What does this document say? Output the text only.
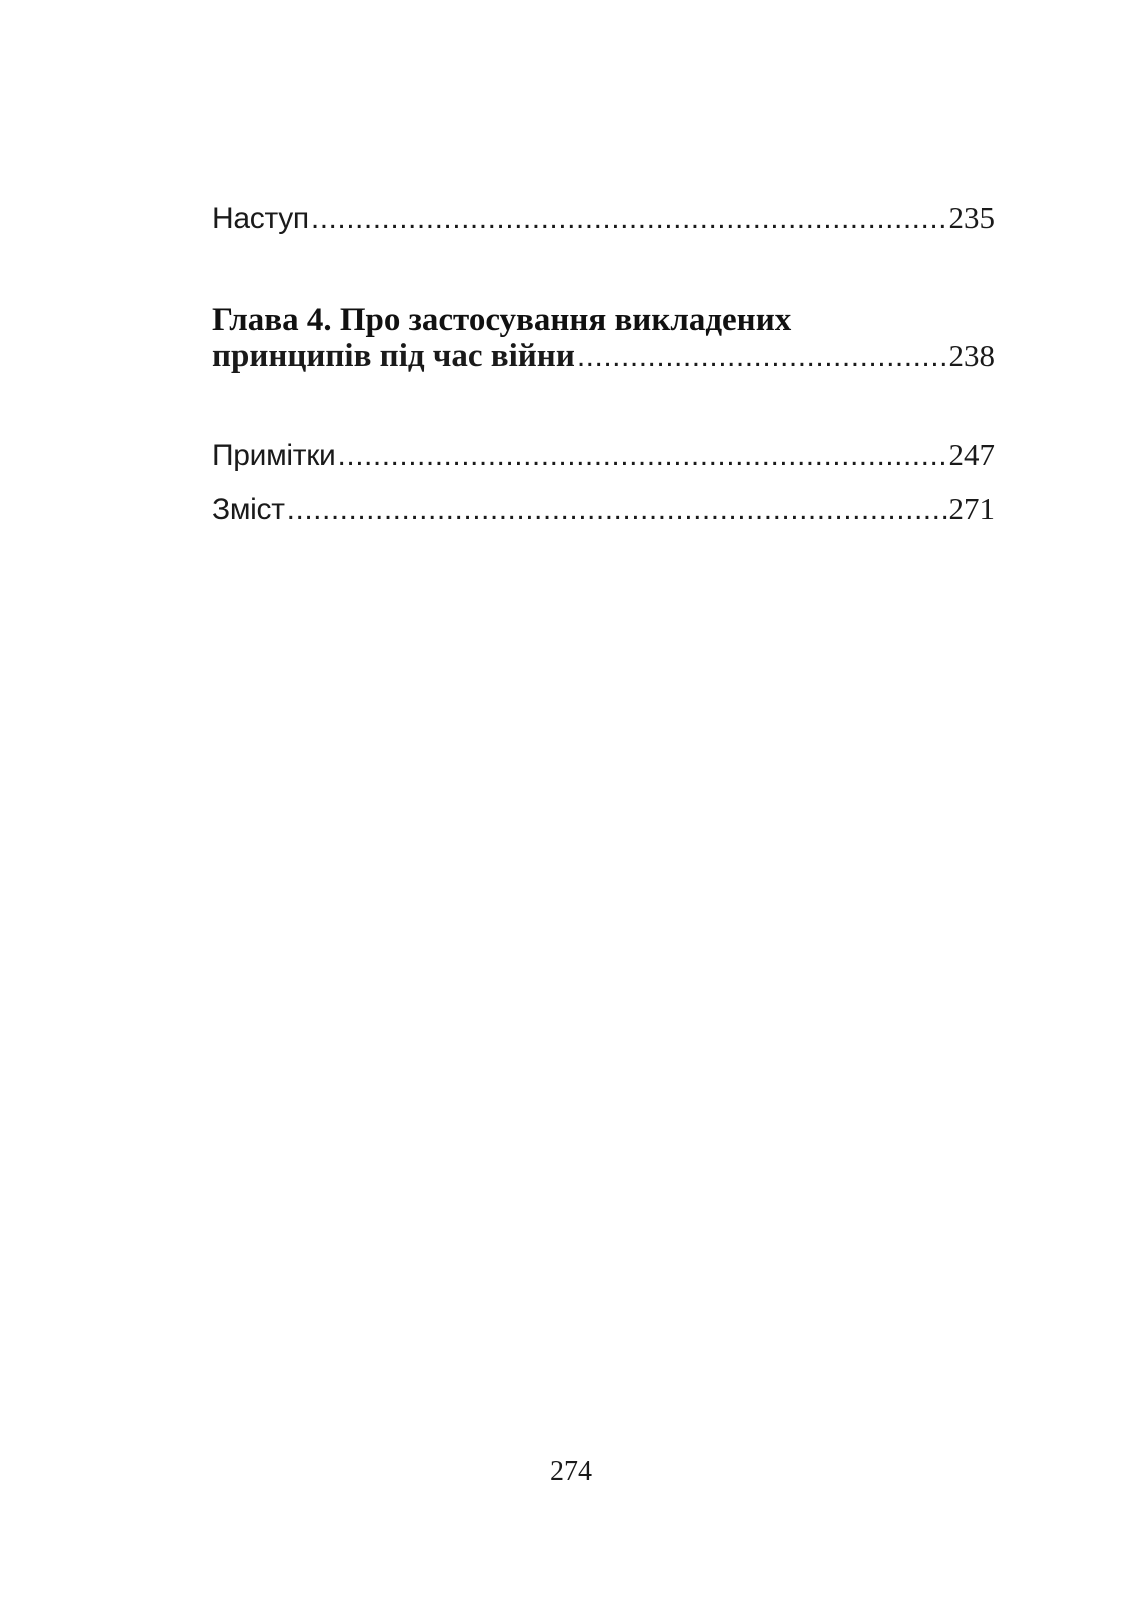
Наступ .....	235
Глава 4. Про застосування викладених
принципів під час війни .....	238
Примітки .....	247
Зміст .....	271
274
